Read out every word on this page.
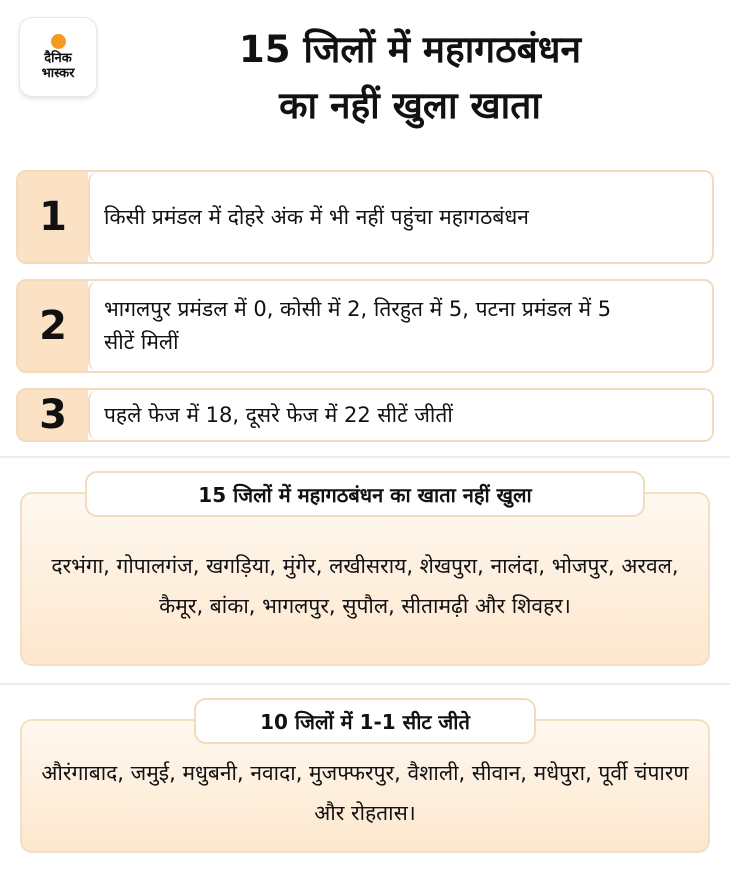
दैनिक
भास्कर
15 जिलों में महागठबंधन
का नहीं खुला खाता
1	किसी प्रमंडल में दोहरे अंक में भी नहीं पहुंचा महागठबंधन
2	भागलपुर प्रमंडल में 0, कोसी में 2, तिरहुत में 5, पटना प्रमंडल में 5 सीटें मिलीं
3	पहले फेज में 18, दूसरे फेज में 22 सीटें जीतीं
दरभंगा, गोपालगंज, खगड़िया, मुंगेर, लखीसराय, शेखपुरा, नालंदा, भोजपुर, अरवल, कैमूर, बांका, भागलपुर, सुपौल, सीतामढ़ी और शिवहर।
15 जिलों में महागठबंधन का खाता नहीं खुला
औरंगाबाद, जमुई, मधुबनी, नवादा, मुजफ्फरपुर, वैशाली, सीवान, मधेपुरा, पूर्वी चंपारण और रोहतास।
10 जिलों में 1-1 सीट जीते
